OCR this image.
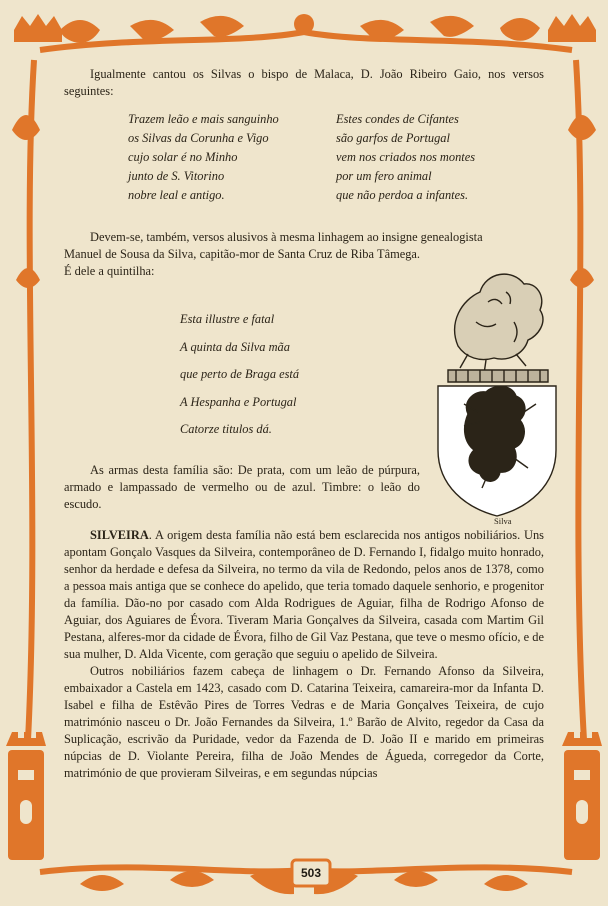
Igualmente cantou os Silvas o bispo de Malaca, D. João Ribeiro Gaio, nos versos seguintes:

Trazem leão e mais sanguinho
os Silvas da Corunha e Vigo
cujo solar é no Minho
junto de S. Vitorino
nobre leal e antigo.
Estes condes de Cifantes
são garfos de Portugal
vem nos criados nos montes
por um fero animal
que não perdoa a infantes.

Devem-se, também, versos alusivos à mesma linhagem ao insigne genealogista

Manuel de Sousa da Silva, capitão-mor de Santa Cruz de Riba Tâmega. É dele a quintilha:

Esta illustre e fatal
A quinta da Silva mãa
que perto de Braga está
A Hespanha e Portugal
Catorze titulos dá.

As armas desta família são: De prata, com um leão de púrpura, armado e lampassado de vermelho ou de azul. Timbre: o leão do escudo.

SILVEIRA. A origem desta família não está bem esclarecida nos antigos nobiliários. Uns apontam Gonçalo Vasques da Silveira, contemporâneo de D. Fernando I, fidalgo muito honrado, senhor da herdade e defesa da Silveira, no termo da vila de Redondo, pelos anos de 1378, como a pessoa mais antiga que se conhece do apelido, que teria tomado daquele senhorio, e progenitor da família. Dão-no por casado com Alda Rodrigues de Aguiar, filha de Rodrigo Afonso de Aguiar, dos Aguiares de Évora. Tiveram Maria Gonçalves da Silveira, casada com Martim Gil Pestana, alferes-mor da cidade de Évora, filho de Gil Vaz Pestana, que teve o mesmo ofício, e de sua mulher, D. Alda Vicente, com geração que seguiu o apelido de Silveira.

Outros nobiliários fazem cabeça de linhagem o Dr. Fernando Afonso da Silveira, embaixador a Castela em 1423, casado com D. Catarina Teixeira, camareira-mor da Infanta D. Isabel e filha de Estêvão Pires de Torres Vedras e de Maria Gonçalves Teixeira, de cujo matrimónio nasceu o Dr. João Fernandes da Silveira, 1.º Barão de Alvito, regedor da Casa da Suplicação, escrivão da Puridade, vedor da Fazenda de D. João II e marido em primeiras núpcias de D. Violante Pereira, filha de João Mendes de Águeda, corregedor da Corte, matrimónio de que provieram Silveiras, e em segundas núpcias

Silva
503
